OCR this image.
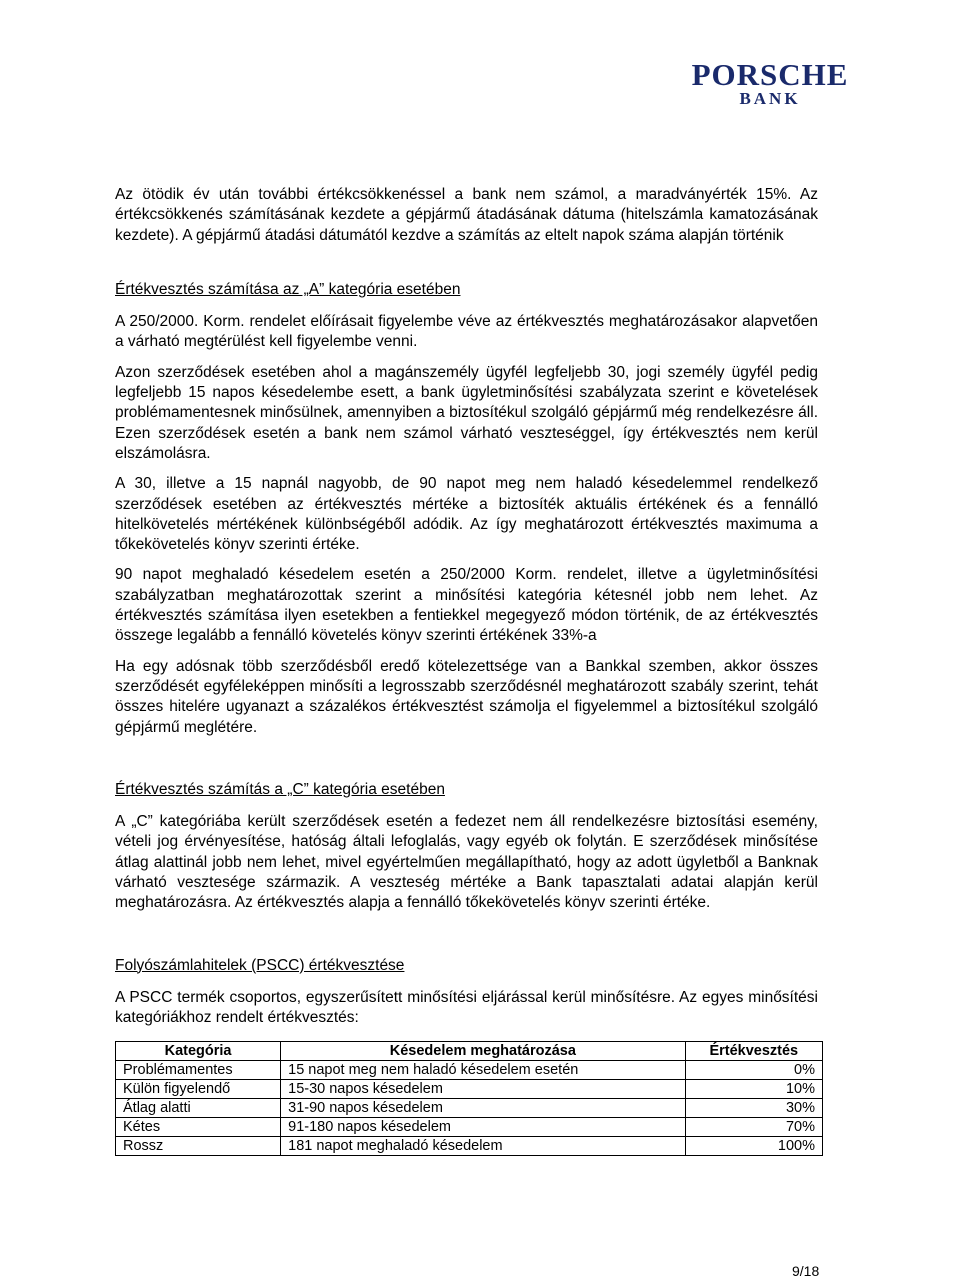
PORSCHE
BANK

Az ötödik év után további értékcsökkenéssel a bank nem számol, a maradványérték 15%. Az értékcsökkenés számításának kezdete a gépjármű átadásának dátuma (hitelszámla kamatozásának kezdete). A gépjármű átadási dátumától kezdve a számítás az eltelt napok száma alapján történik

Értékvesztés számítása az „A” kategória esetében

A 250/2000. Korm. rendelet előírásait figyelembe véve az értékvesztés meghatározásakor alapvetően a várható megtérülést kell figyelembe venni.

Azon szerződések esetében ahol a magánszemély ügyfél legfeljebb 30, jogi személy ügyfél pedig legfeljebb 15 napos késedelembe esett, a bank ügyletminősítési szabályzata szerint e követelések problémamentesnek minősülnek, amennyiben a biztosítékul szolgáló gépjármű még rendelkezésre áll. Ezen szerződések esetén a bank nem számol várható veszteséggel, így értékvesztés nem kerül elszámolásra.

A 30, illetve a 15 napnál nagyobb, de 90 napot meg nem haladó késedelemmel rendelkező szerződések esetében az értékvesztés mértéke a biztosíték aktuális értékének és a fennálló hitelkövetelés mértékének különbségéből adódik. Az így meghatározott értékvesztés maximuma a tőkekövetelés könyv szerinti értéke.

90 napot meghaladó késedelem esetén a 250/2000 Korm. rendelet, illetve a ügyletminősítési szabályzatban meghatározottak szerint a minősítési kategória kétesnél jobb nem lehet. Az értékvesztés számítása ilyen esetekben a fentiekkel megegyező módon történik, de az értékvesztés összege legalább a fennálló követelés könyv szerinti értékének 33%-a

Ha egy adósnak több szerződésből eredő kötelezettsége van a Bankkal szemben, akkor összes szerződését egyféleképpen minősíti a legrosszabb szerződésnél meghatározott szabály szerint, tehát összes hitelére ugyanazt a százalékos értékvesztést számolja el figyelemmel a biztosítékul szolgáló gépjármű meglétére.

Értékvesztés számítás a „C” kategória esetében

A „C” kategóriába került szerződések esetén a fedezet nem áll rendelkezésre biztosítási esemény, vételi jog érvényesítése, hatóság általi lefoglalás, vagy egyéb ok folytán. E szerződések minősítése átlag alattinál jobb nem lehet, mivel egyértelműen megállapítható, hogy az adott ügyletből a Banknak várható vesztesége származik. A veszteség mértéke a Bank tapasztalati adatai alapján kerül meghatározásra. Az értékvesztés alapja a fennálló tőkekövetelés könyv szerinti értéke.

Folyószámlahitelek (PSCC) értékvesztése

A PSCC termék csoportos, egyszerűsített minősítési eljárással kerül minősítésre. Az egyes minősítési kategóriákhoz rendelt értékvesztés:

Kategória	Késedelem meghatározása	Értékvesztés
Problémamentes	15 napot meg nem haladó késedelem esetén	0%
Külön figyelendő	15-30 napos késedelem	10%
Átlag alatti	31-90 napos késedelem	30%
Kétes	91-180 napos késedelem	70%
Rossz	181 napot meghaladó késedelem	100%
9/18
